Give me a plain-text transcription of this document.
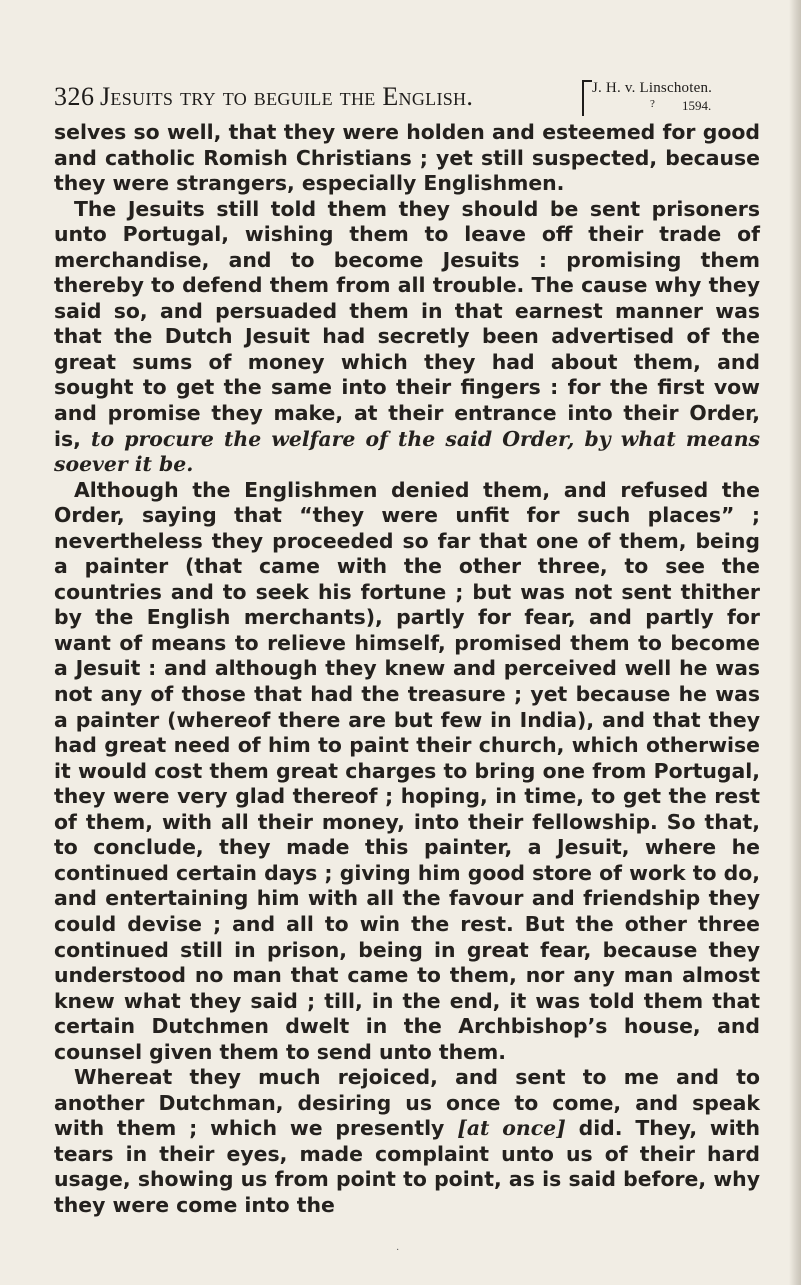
326 Jesuits try to beguile the English.	J. H. v. Linschoten.
? 1594.

selves so well, that they were holden and esteemed for good and catholic Romish Christians ; yet still suspected, because they were strangers, especially Englishmen.

The Jesuits still told them they should be sent prisoners unto Portugal, wishing them to leave off their trade of merchandise, and to become Jesuits : promising them thereby to defend them from all trouble. The cause why they said so, and persuaded them in that earnest manner was that the Dutch Jesuit had secretly been advertised of the great sums of money which they had about them, and sought to get the same into their fingers : for the first vow and promise they make, at their entrance into their Order, is, to procure the welfare of the said Order, by what means soever it be.

Although the Englishmen denied them, and refused the Order, saying that “they were unfit for such places” ; nevertheless they proceeded so far that one of them, being a painter (that came with the other three, to see the countries and to seek his fortune ; but was not sent thither by the English merchants), partly for fear, and partly for want of means to relieve himself, promised them to become a Jesuit : and although they knew and perceived well he was not any of those that had the treasure ; yet because he was a painter (whereof there are but few in India), and that they had great need of him to paint their church, which otherwise it would cost them great charges to bring one from Portugal, they were very glad thereof ; hoping, in time, to get the rest of them, with all their money, into their fellowship. So that, to conclude, they made this painter, a Jesuit, where he continued certain days ; giving him good store of work to do, and entertaining him with all the favour and friendship they could devise ; and all to win the rest. But the other three continued still in prison, being in great fear, because they understood no man that came to them, nor any man almost knew what they said ; till, in the end, it was told them that certain Dutchmen dwelt in the Archbishop’s house, and counsel given them to send unto them.

Whereat they much rejoiced, and sent to me and to another Dutchman, desiring us once to come, and speak with them ; which we presently [at once] did. They, with tears in their eyes, made complaint unto us of their hard usage, showing us from point to point, as is said before, why they were come into the

·
